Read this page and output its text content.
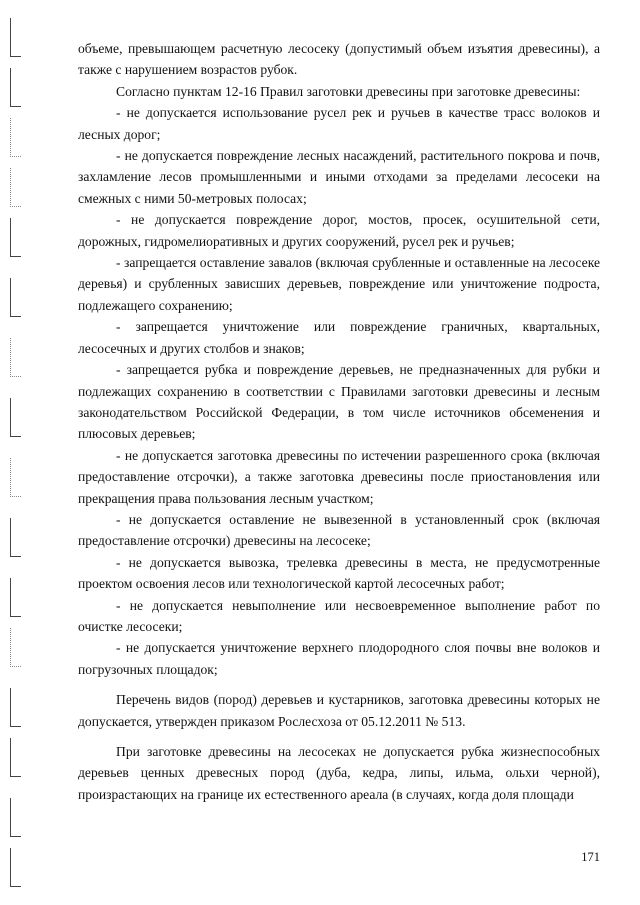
объеме, превышающем расчетную лесосеку (допустимый объем изъятия древесины), а также с нарушением возрастов рубок.

Согласно пунктам 12-16 Правил заготовки древесины при заготовке древесины:

- не допускается использование русел рек и ручьев в качестве трасс волоков и лесных дорог;

- не допускается повреждение лесных насаждений, растительного покрова и почв, захламление лесов промышленными и иными отходами за пределами лесосеки на смежных с ними 50-метровых полосах;

- не допускается повреждение дорог, мостов, просек, осушительной сети, дорожных, гидромелиоративных и других сооружений, русел рек и ручьев;

- запрещается оставление завалов (включая срубленные и оставленные на лесосеке деревья) и срубленных зависших деревьев, повреждение или уничтожение подроста, подлежащего сохранению;

- запрещается уничтожение или повреждение граничных, квартальных, лесосечных и других столбов и знаков;

- запрещается рубка и повреждение деревьев, не предназначенных для рубки и подлежащих сохранению в соответствии с Правилами заготовки древесины и лесным законодательством Российской Федерации, в том числе источников обсеменения и плюсовых деревьев;

- не допускается заготовка древесины по истечении разрешенного срока (включая предоставление отсрочки), а также заготовка древесины после приостановления или прекращения права пользования лесным участком;

- не допускается оставление не вывезенной в установленный срок (включая предоставление отсрочки) древесины на лесосеке;

- не допускается вывозка, трелевка древесины в места, не предусмотренные проектом освоения лесов или технологической картой лесосечных работ;

- не допускается невыполнение или несвоевременное выполнение работ по очистке лесосеки;

- не допускается уничтожение верхнего плодородного слоя почвы вне волоков и погрузочных площадок;

Перечень видов (пород) деревьев и кустарников, заготовка древесины которых не допускается, утвержден приказом Рослесхоза от 05.12.2011 № 513.

При заготовке древесины на лесосеках не допускается рубка жизнеспособных деревьев ценных древесных пород (дуба, кедра, липы, ильма, ольхи черной), произрастающих на границе их естественного ареала (в случаях, когда доля площади

171
